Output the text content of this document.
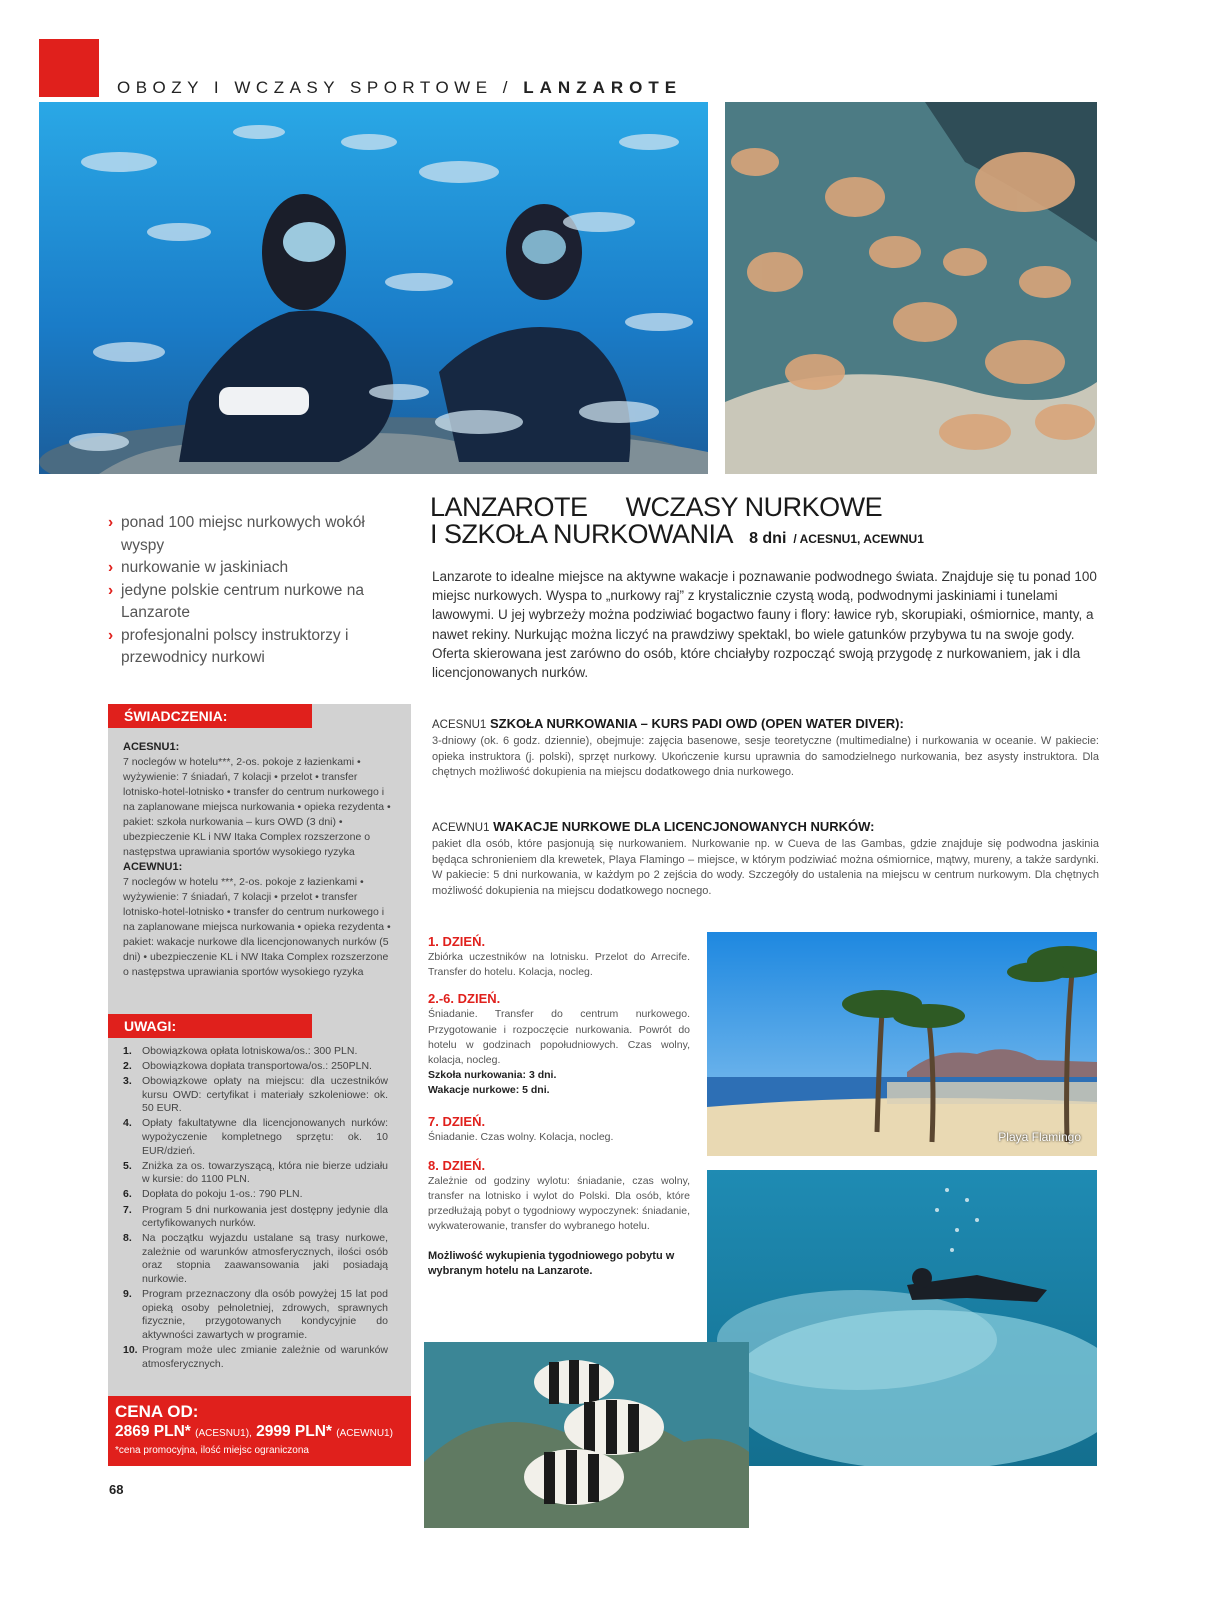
OBOZY I WCZASY SPORTOWE / LANZAROTE
› ponad 100 miejsc nurkowych wokół wyspy
› nurkowanie w jaskiniach
› jedyne polskie centrum nurkowe na Lanzarote
› profesjonalni polscy instruktorzy i przewodnicy nurkowi
ŚWIADCZENIA:
ACESNU1:
7 noclegów w hotelu***, 2-os. pokoje z łazienkami • wyżywienie: 7 śniadań, 7 kolacji • przelot • transfer lotnisko-hotel-lotnisko • transfer do centrum nurkowego i na zaplanowane miejsca nurkowania • opieka rezydenta • pakiet: szkoła nurkowania – kurs OWD (3 dni) • ubezpieczenie KL i NW Itaka Complex rozszerzone o następstwa uprawiania sportów wysokiego ryzyka
ACEWNU1:
7 noclegów w hotelu ***, 2-os. pokoje z łazienkami • wyżywienie: 7 śniadań, 7 kolacji • przelot • transfer lotnisko-hotel-lotnisko • transfer do centrum nurkowego i na zaplanowane miejsca nurkowania • opieka rezydenta • pakiet: wakacje nurkowe dla licencjonowanych nurków (5 dni) • ubezpieczenie KL i NW Itaka Complex rozszerzone o następstwa uprawiania sportów wysokiego ryzyka
UWAGI:
1. Obowiązkowa opłata lotniskowa/os.: 300 PLN.
2. Obowiązkowa dopłata transportowa/os.: 250PLN.
3. Obowiązkowe opłaty na miejscu: dla uczestników kursu OWD: certyfikat i materiały szkoleniowe: ok. 50 EUR.
4. Opłaty fakultatywne dla licencjonowanych nurków: wypożyczenie kompletnego sprzętu: ok. 10 EUR/dzień.
5. Zniżka za os. towarzyszącą, która nie bierze udziału w kursie: do 1100 PLN.
6. Dopłata do pokoju 1-os.: 790 PLN.
7. Program 5 dni nurkowania jest dostępny jedynie dla certyfikowanych nurków.
8. Na początku wyjazdu ustalane są trasy nurkowe, zależnie od warunków atmosferycznych, ilości osób oraz stopnia zaawansowania jaki posiadają nurkowie.
9. Program przeznaczony dla osób powyżej 15 lat pod opieką osoby pełnoletniej, zdrowych, sprawnych fizycznie, przygotowanych kondycyjnie do aktywności zawartych w programie.
10. Program może ulec zmianie zależnie od warunków atmosferycznych.
CENA OD:
2869 PLN* (ACESNU1), 2999 PLN* (ACEWNU1)
*cena promocyjna, ilość miejsc ograniczona
68
LANZAROTE WCZASY NURKOWE
I SZKOŁA NURKOWANIA 8 dni / ACESNU1, ACEWNU1
Lanzarote to idealne miejsce na aktywne wakacje i poznawanie podwodnego świata. Znajduje się tu ponad 100 miejsc nurkowych. Wyspa to „nurkowy raj” z krystalicznie czystą wodą, podwodnymi jaskiniami i tunelami lawowymi. U jej wybrzeży można podziwiać bogactwo fauny i flory: ławice ryb, skorupiaki, ośmiornice, manty, a nawet rekiny. Nurkując można liczyć na prawdziwy spektakl, bo wiele gatunków przybywa tu na swoje gody. Oferta skierowana jest zarówno do osób, które chciałyby rozpocząć swoją przygodę z nurkowaniem, jak i dla licencjonowanych nurków.
ACESNU1 SZKOŁA NURKOWANIA – KURS PADI OWD (OPEN WATER DIVER):
3-dniowy (ok. 6 godz. dziennie), obejmuje: zajęcia basenowe, sesje teoretyczne (multimedialne) i nurkowania w oceanie. W pakiecie: opieka instruktora (j. polski), sprzęt nurkowy. Ukończenie kursu uprawnia do samodzielnego nurkowania, bez asysty instruktora. Dla chętnych możliwość dokupienia na miejscu dodatkowego dnia nurkowego.
ACEWNU1 WAKACJE NURKOWE DLA LICENCJONOWANYCH NURKÓW:
pakiet dla osób, które pasjonują się nurkowaniem. Nurkowanie np. w Cueva de las Gambas, gdzie znajduje się podwodna jaskinia będąca schronieniem dla krewetek, Playa Flamingo – miejsce, w którym podziwiać można ośmiornice, mątwy, mureny, a także sardynki. W pakiecie: 5 dni nurkowania, w każdym po 2 zejścia do wody. Szczegóły do ustalenia na miejscu w centrum nurkowym. Dla chętnych możliwość dokupienia na miejscu dodatkowego nocnego.
1. DZIEŃ.
Zbiórka uczestników na lotnisku. Przelot do Arrecife. Transfer do hotelu. Kolacja, nocleg.
2.-6. DZIEŃ.
Śniadanie. Transfer do centrum nurkowego. Przygotowanie i rozpoczęcie nurkowania. Powrót do hotelu w godzinach popołudniowych. Czas wolny, kolacja, nocleg.
Szkoła nurkowania: 3 dni.
Wakacje nurkowe: 5 dni.
7. DZIEŃ.
Śniadanie. Czas wolny. Kolacja, nocleg.
8. DZIEŃ.
Zależnie od godziny wylotu: śniadanie, czas wolny, transfer na lotnisko i wylot do Polski. Dla osób, które przedłużają pobyt o tygodniowy wypoczynek: śniadanie, wykwaterowanie, transfer do wybranego hotelu.
Możliwość wykupienia tygodniowego pobytu w wybranym hotelu na Lanzarote.
Playa Flamingo
